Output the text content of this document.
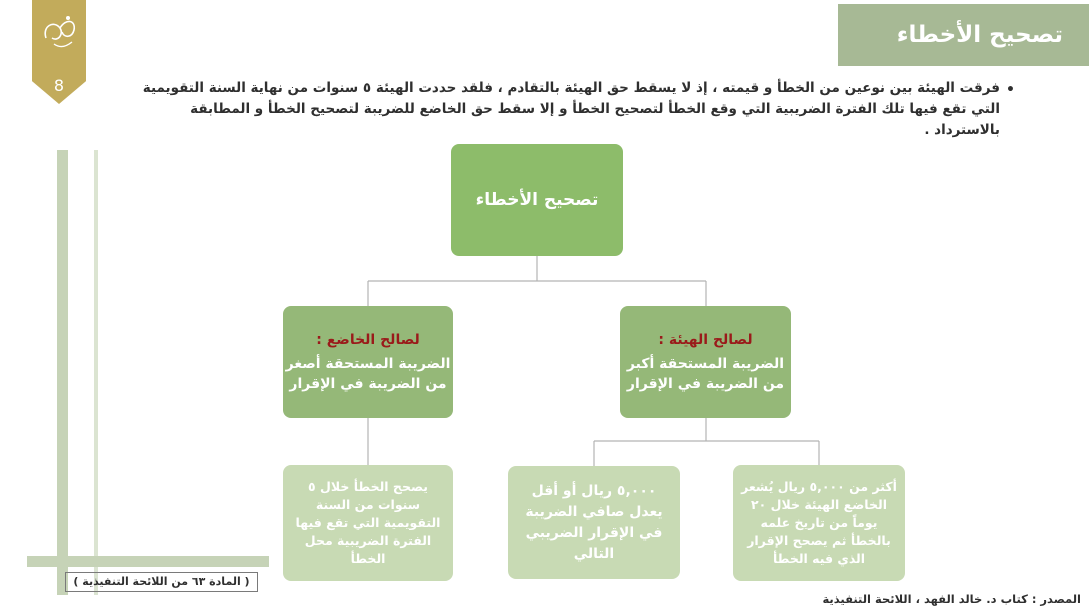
8
تصحيح الأخطاء
•
فرقت الهيئة بين نوعين من الخطأ و قيمته ، إذ لا يسقط حق الهيئة بالتقادم ، فلقد حددت الهيئة ٥ سنوات من نهاية السنة التقويمية التي تقع فيها تلك الفترة الضريبية التي وقع الخطأ لتصحيح الخطأ و إلا سقط حق الخاضع للضريبة لتصحيح الخطأ و المطابقة بالاسترداد .
تصحيح الأخطاء
لصالح الهيئة :
الضريبة المستحقة أكبر من الضريبة في الإقرار
لصالح الخاضع :
الضريبة المستحقة أصغر من الضريبة في الإقرار
أكثر من ٥,٠٠٠ ريال يُشعر الخاضع الهيئة خلال ٢٠ يوماً من تاريخ علمه بالخطأ ثم يصحح الإقرار الذي فيه الخطأ
٥,٠٠٠ ريال أو أقل يعدل صافي الضريبة في الإقرار الضريبي التالي
يصحح الخطأ خلال ٥ سنوات من السنة التقويمية التي تقع فيها الفترة الضريبية محل الخطأ
( المادة ٦٣ من اللائحة التنفيذية )
المصدر : كتاب د. خالد الفهد ، اللائحة التنفيذية
